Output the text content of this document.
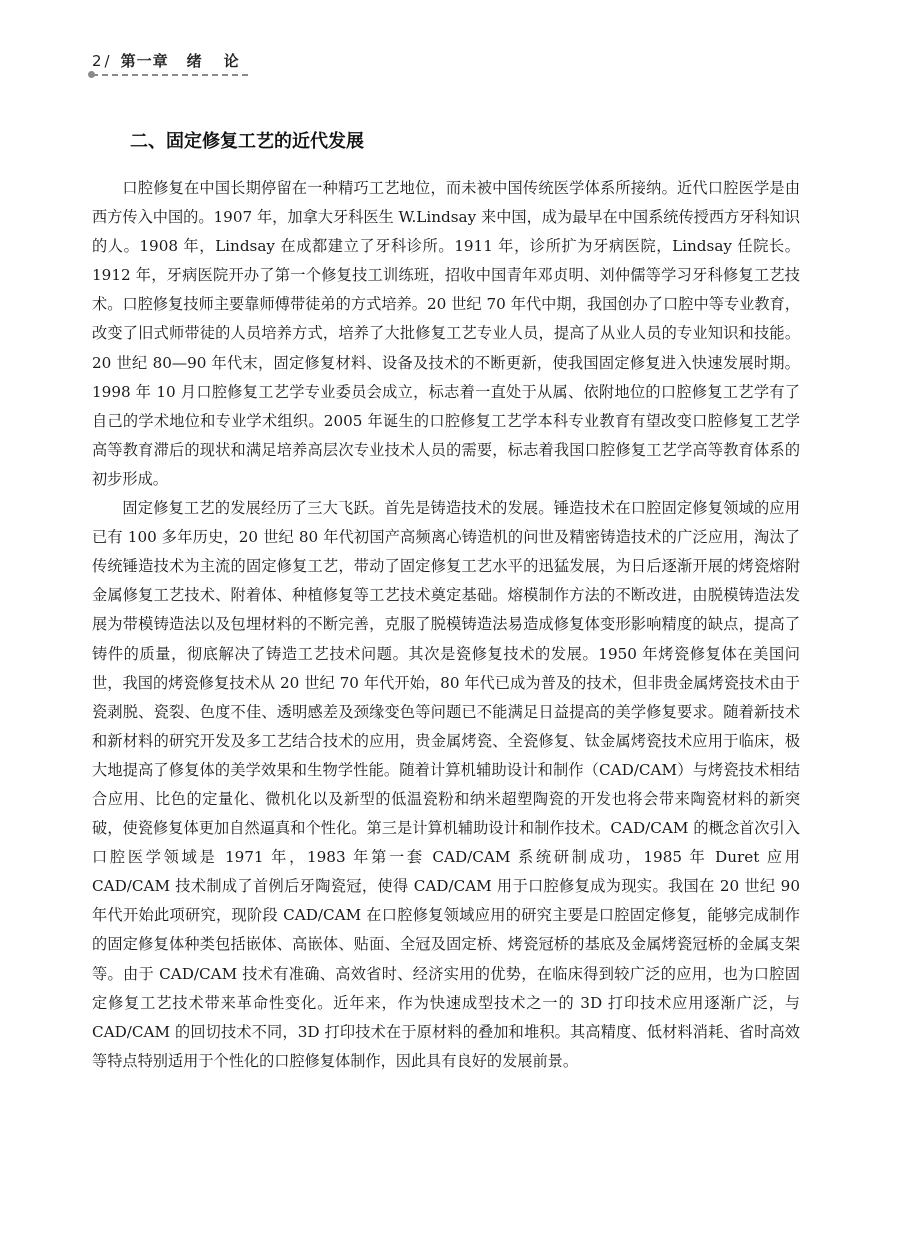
2 / 第一章 绪论
二、固定修复工艺的近代发展

口腔修复在中国长期停留在一种精巧工艺地位，而未被中国传统医学体系所接纳。近代口腔医学是由西方传入中国的。1907 年，加拿大牙科医生 W.Lindsay 来中国，成为最早在中国系统传授西方牙科知识的人。1908 年，Lindsay 在成都建立了牙科诊所。1911 年，诊所扩为牙病医院，Lindsay 任院长。1912 年，牙病医院开办了第一个修复技工训练班，招收中国青年邓贞明、刘仲儒等学习牙科修复工艺技术。口腔修复技师主要靠师傅带徒弟的方式培养。20 世纪 70 年代中期，我国创办了口腔中等专业教育，改变了旧式师带徒的人员培养方式，培养了大批修复工艺专业人员，提高了从业人员的专业知识和技能。20 世纪 80—90 年代末，固定修复材料、设备及技术的不断更新，使我国固定修复进入快速发展时期。1998 年 10 月口腔修复工艺学专业委员会成立，标志着一直处于从属、依附地位的口腔修复工艺学有了自己的学术地位和专业学术组织。2005 年诞生的口腔修复工艺学本科专业教育有望改变口腔修复工艺学高等教育滞后的现状和满足培养高层次专业技术人员的需要，标志着我国口腔修复工艺学高等教育体系的初步形成。

固定修复工艺的发展经历了三大飞跃。首先是铸造技术的发展。锤造技术在口腔固定修复领域的应用已有 100 多年历史，20 世纪 80 年代初国产高频离心铸造机的问世及精密铸造技术的广泛应用，淘汰了传统锤造技术为主流的固定修复工艺，带动了固定修复工艺水平的迅猛发展，为日后逐渐开展的烤瓷熔附金属修复工艺技术、附着体、种植修复等工艺技术奠定基础。熔模制作方法的不断改进，由脱模铸造法发展为带模铸造法以及包埋材料的不断完善，克服了脱模铸造法易造成修复体变形影响精度的缺点，提高了铸件的质量，彻底解决了铸造工艺技术问题。其次是瓷修复技术的发展。1950 年烤瓷修复体在美国问世，我国的烤瓷修复技术从 20 世纪 70 年代开始，80 年代已成为普及的技术，但非贵金属烤瓷技术由于瓷剥脱、瓷裂、色度不佳、透明感差及颈缘变色等问题已不能满足日益提高的美学修复要求。随着新技术和新材料的研究开发及多工艺结合技术的应用，贵金属烤瓷、全瓷修复、钛金属烤瓷技术应用于临床，极大地提高了修复体的美学效果和生物学性能。随着计算机辅助设计和制作（CAD/CAM）与烤瓷技术相结合应用、比色的定量化、微机化以及新型的低温瓷粉和纳米超塑陶瓷的开发也将会带来陶瓷材料的新突破，使瓷修复体更加自然逼真和个性化。第三是计算机辅助设计和制作技术。CAD/CAM 的概念首次引入口腔医学领域是 1971 年，1983 年第一套 CAD/CAM 系统研制成功，1985 年 Duret 应用 CAD/CAM 技术制成了首例后牙陶瓷冠，使得 CAD/CAM 用于口腔修复成为现实。我国在 20 世纪 90 年代开始此项研究，现阶段 CAD/CAM 在口腔修复领域应用的研究主要是口腔固定修复，能够完成制作的固定修复体种类包括嵌体、高嵌体、贴面、全冠及固定桥、烤瓷冠桥的基底及金属烤瓷冠桥的金属支架等。由于 CAD/CAM 技术有准确、高效省时、经济实用的优势，在临床得到较广泛的应用，也为口腔固定修复工艺技术带来革命性变化。近年来，作为快速成型技术之一的 3D 打印技术应用逐渐广泛，与 CAD/CAM 的回切技术不同，3D 打印技术在于原材料的叠加和堆积。其高精度、低材料消耗、省时高效等特点特别适用于个性化的口腔修复体制作，因此具有良好的发展前景。
